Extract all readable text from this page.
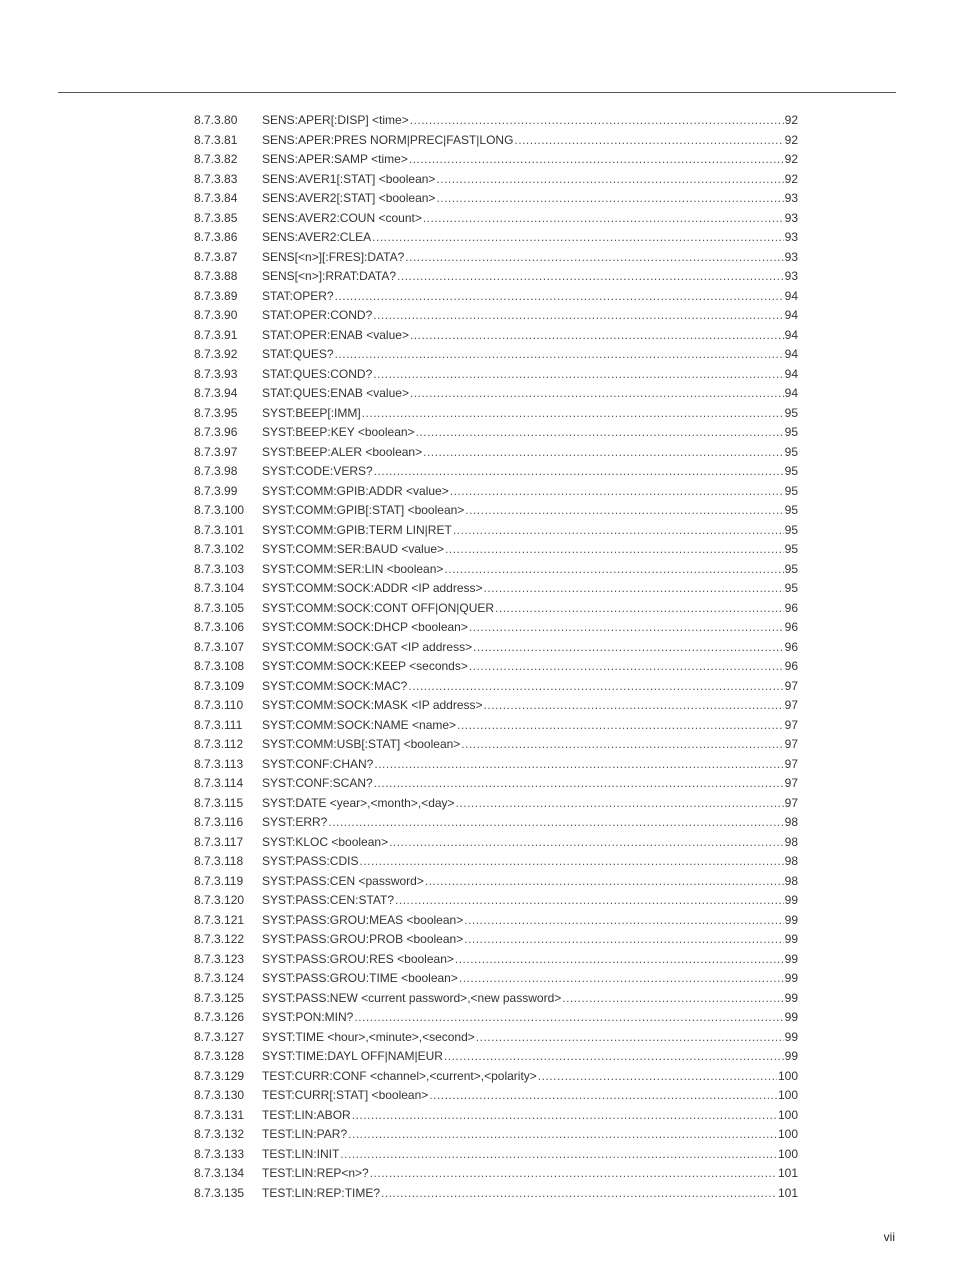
8.7.3.80	SENS:APER[:DISP] <time> .....	92
8.7.3.81	SENS:APER:PRES NORM|PREC|FAST|LONG .....	92
8.7.3.82	SENS:APER:SAMP <time> .....	92
8.7.3.83	SENS:AVER1[:STAT] <boolean> .....	92
8.7.3.84	SENS:AVER2[:STAT] <boolean> .....	93
8.7.3.85	SENS:AVER2:COUN <count> .....	93
8.7.3.86	SENS:AVER2:CLEA .....	93
8.7.3.87	SENS[<n>][:FRES]:DATA? .....	93
8.7.3.88	SENS[<n>]:RRAT:DATA? .....	93
8.7.3.89	STAT:OPER? .....	94
8.7.3.90	STAT:OPER:COND? .....	94
8.7.3.91	STAT:OPER:ENAB <value> .....	94
8.7.3.92	STAT:QUES? .....	94
8.7.3.93	STAT:QUES:COND? .....	94
8.7.3.94	STAT:QUES:ENAB <value> .....	94
8.7.3.95	SYST:BEEP[:IMM] .....	95
8.7.3.96	SYST:BEEP:KEY <boolean> .....	95
8.7.3.97	SYST:BEEP:ALER <boolean> .....	95
8.7.3.98	SYST:CODE:VERS? .....	95
8.7.3.99	SYST:COMM:GPIB:ADDR <value> .....	95
8.7.3.100	SYST:COMM:GPIB[:STAT] <boolean> .....	95
8.7.3.101	SYST:COMM:GPIB:TERM LIN|RET .....	95
8.7.3.102	SYST:COMM:SER:BAUD <value> .....	95
8.7.3.103	SYST:COMM:SER:LIN <boolean> .....	95
8.7.3.104	SYST:COMM:SOCK:ADDR <IP address> .....	95
8.7.3.105	SYST:COMM:SOCK:CONT OFF|ON|QUER .....	96
8.7.3.106	SYST:COMM:SOCK:DHCP <boolean> .....	96
8.7.3.107	SYST:COMM:SOCK:GAT <IP address> .....	96
8.7.3.108	SYST:COMM:SOCK:KEEP <seconds> .....	96
8.7.3.109	SYST:COMM:SOCK:MAC? .....	97
8.7.3.110	SYST:COMM:SOCK:MASK <IP address> .....	97
8.7.3.111	SYST:COMM:SOCK:NAME <name> .....	97
8.7.3.112	SYST:COMM:USB[:STAT] <boolean> .....	97
8.7.3.113	SYST:CONF:CHAN? .....	97
8.7.3.114	SYST:CONF:SCAN? .....	97
8.7.3.115	SYST:DATE <year>,<month>,<day> .....	97
8.7.3.116	SYST:ERR? .....	98
8.7.3.117	SYST:KLOC <boolean> .....	98
8.7.3.118	SYST:PASS:CDIS .....	98
8.7.3.119	SYST:PASS:CEN <password> .....	98
8.7.3.120	SYST:PASS:CEN:STAT? .....	99
8.7.3.121	SYST:PASS:GROU:MEAS <boolean> .....	99
8.7.3.122	SYST:PASS:GROU:PROB <boolean> .....	99
8.7.3.123	SYST:PASS:GROU:RES <boolean> .....	99
8.7.3.124	SYST:PASS:GROU:TIME <boolean> .....	99
8.7.3.125	SYST:PASS:NEW <current password>,<new password> .....	99
8.7.3.126	SYST:PON:MIN? .....	99
8.7.3.127	SYST:TIME <hour>,<minute>,<second> .....	99
8.7.3.128	SYST:TIME:DAYL OFF|NAM|EUR .....	99
8.7.3.129	TEST:CURR:CONF <channel>,<current>,<polarity> .....	100
8.7.3.130	TEST:CURR[:STAT] <boolean> .....	100
8.7.3.131	TEST:LIN:ABOR .....	100
8.7.3.132	TEST:LIN:PAR? .....	100
8.7.3.133	TEST:LIN:INIT .....	100
8.7.3.134	TEST:LIN:REP<n>? .....	101
8.7.3.135	TEST:LIN:REP:TIME? .....	101
vii
